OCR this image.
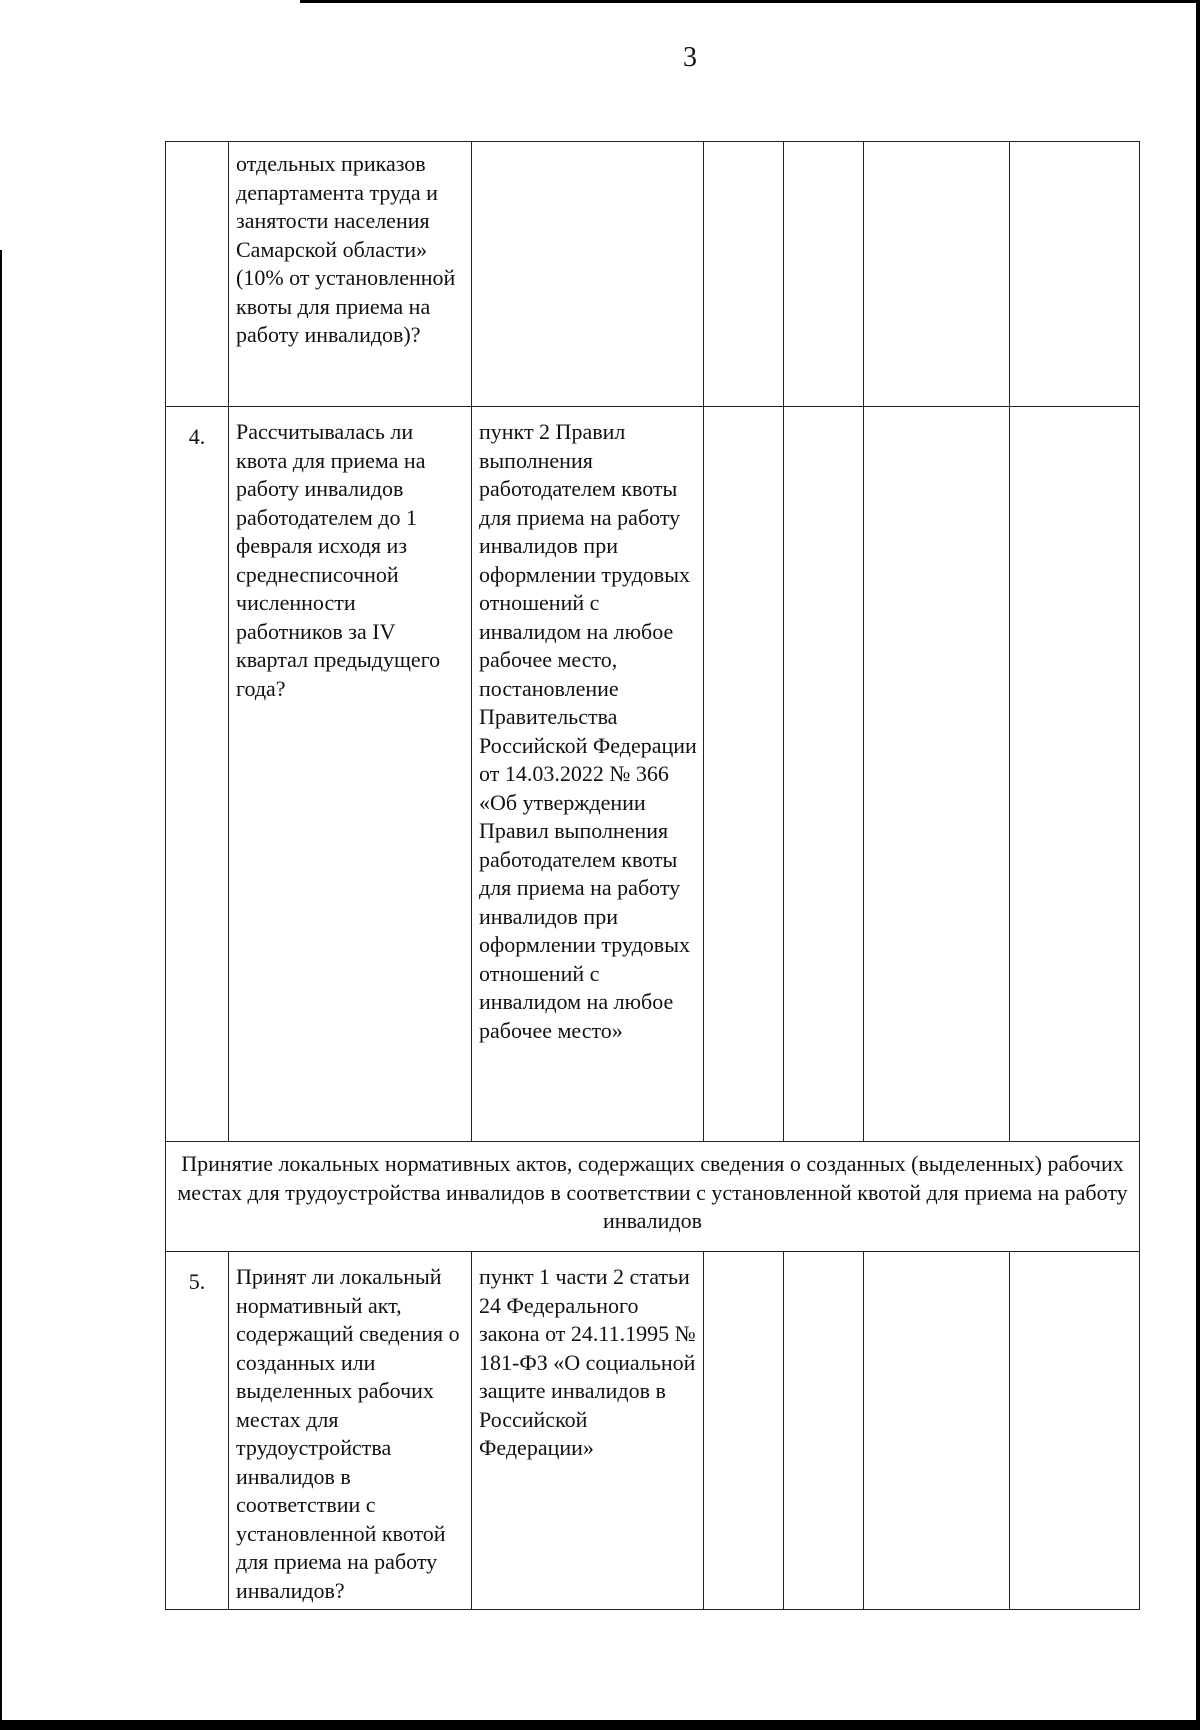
3
	отдельных приказов департамента труда и занятости населения Самарской области» (10% от установленной квоты для приема на работу инвалидов)?					
4.	Рассчитывалась ли квота для приема на работу инвалидов работодателем до 1 февраля исходя из среднесписочной численности работников за IV квартал предыдущего года?	пункт 2 Правил выполнения работодателем квоты для приема на работу инвалидов при оформлении трудовых отношений с инвалидом на любое рабочее место, постановление Правительства Российской Федерации от 14.03.2022 № 366 «Об утверждении Правил выполнения работодателем квоты для приема на работу инвалидов при оформлении трудовых отношений с инвалидом на любое рабочее место»				
Принятие локальных нормативных актов, содержащих сведения о созданных (выделенных) рабочих местах для трудоустройства инвалидов в соответствии с установленной квотой для приема на работу инвалидов						
5.	Принят ли локальный нормативный акт, содержащий сведения о созданных или выделенных рабочих местах для трудоустройства инвалидов в соответствии с установленной квотой для приема на работу инвалидов?	пункт 1 части 2 статьи 24 Федерального закона от 24.11.1995 № 181-ФЗ «О социальной защите инвалидов в Российской Федерации»				
